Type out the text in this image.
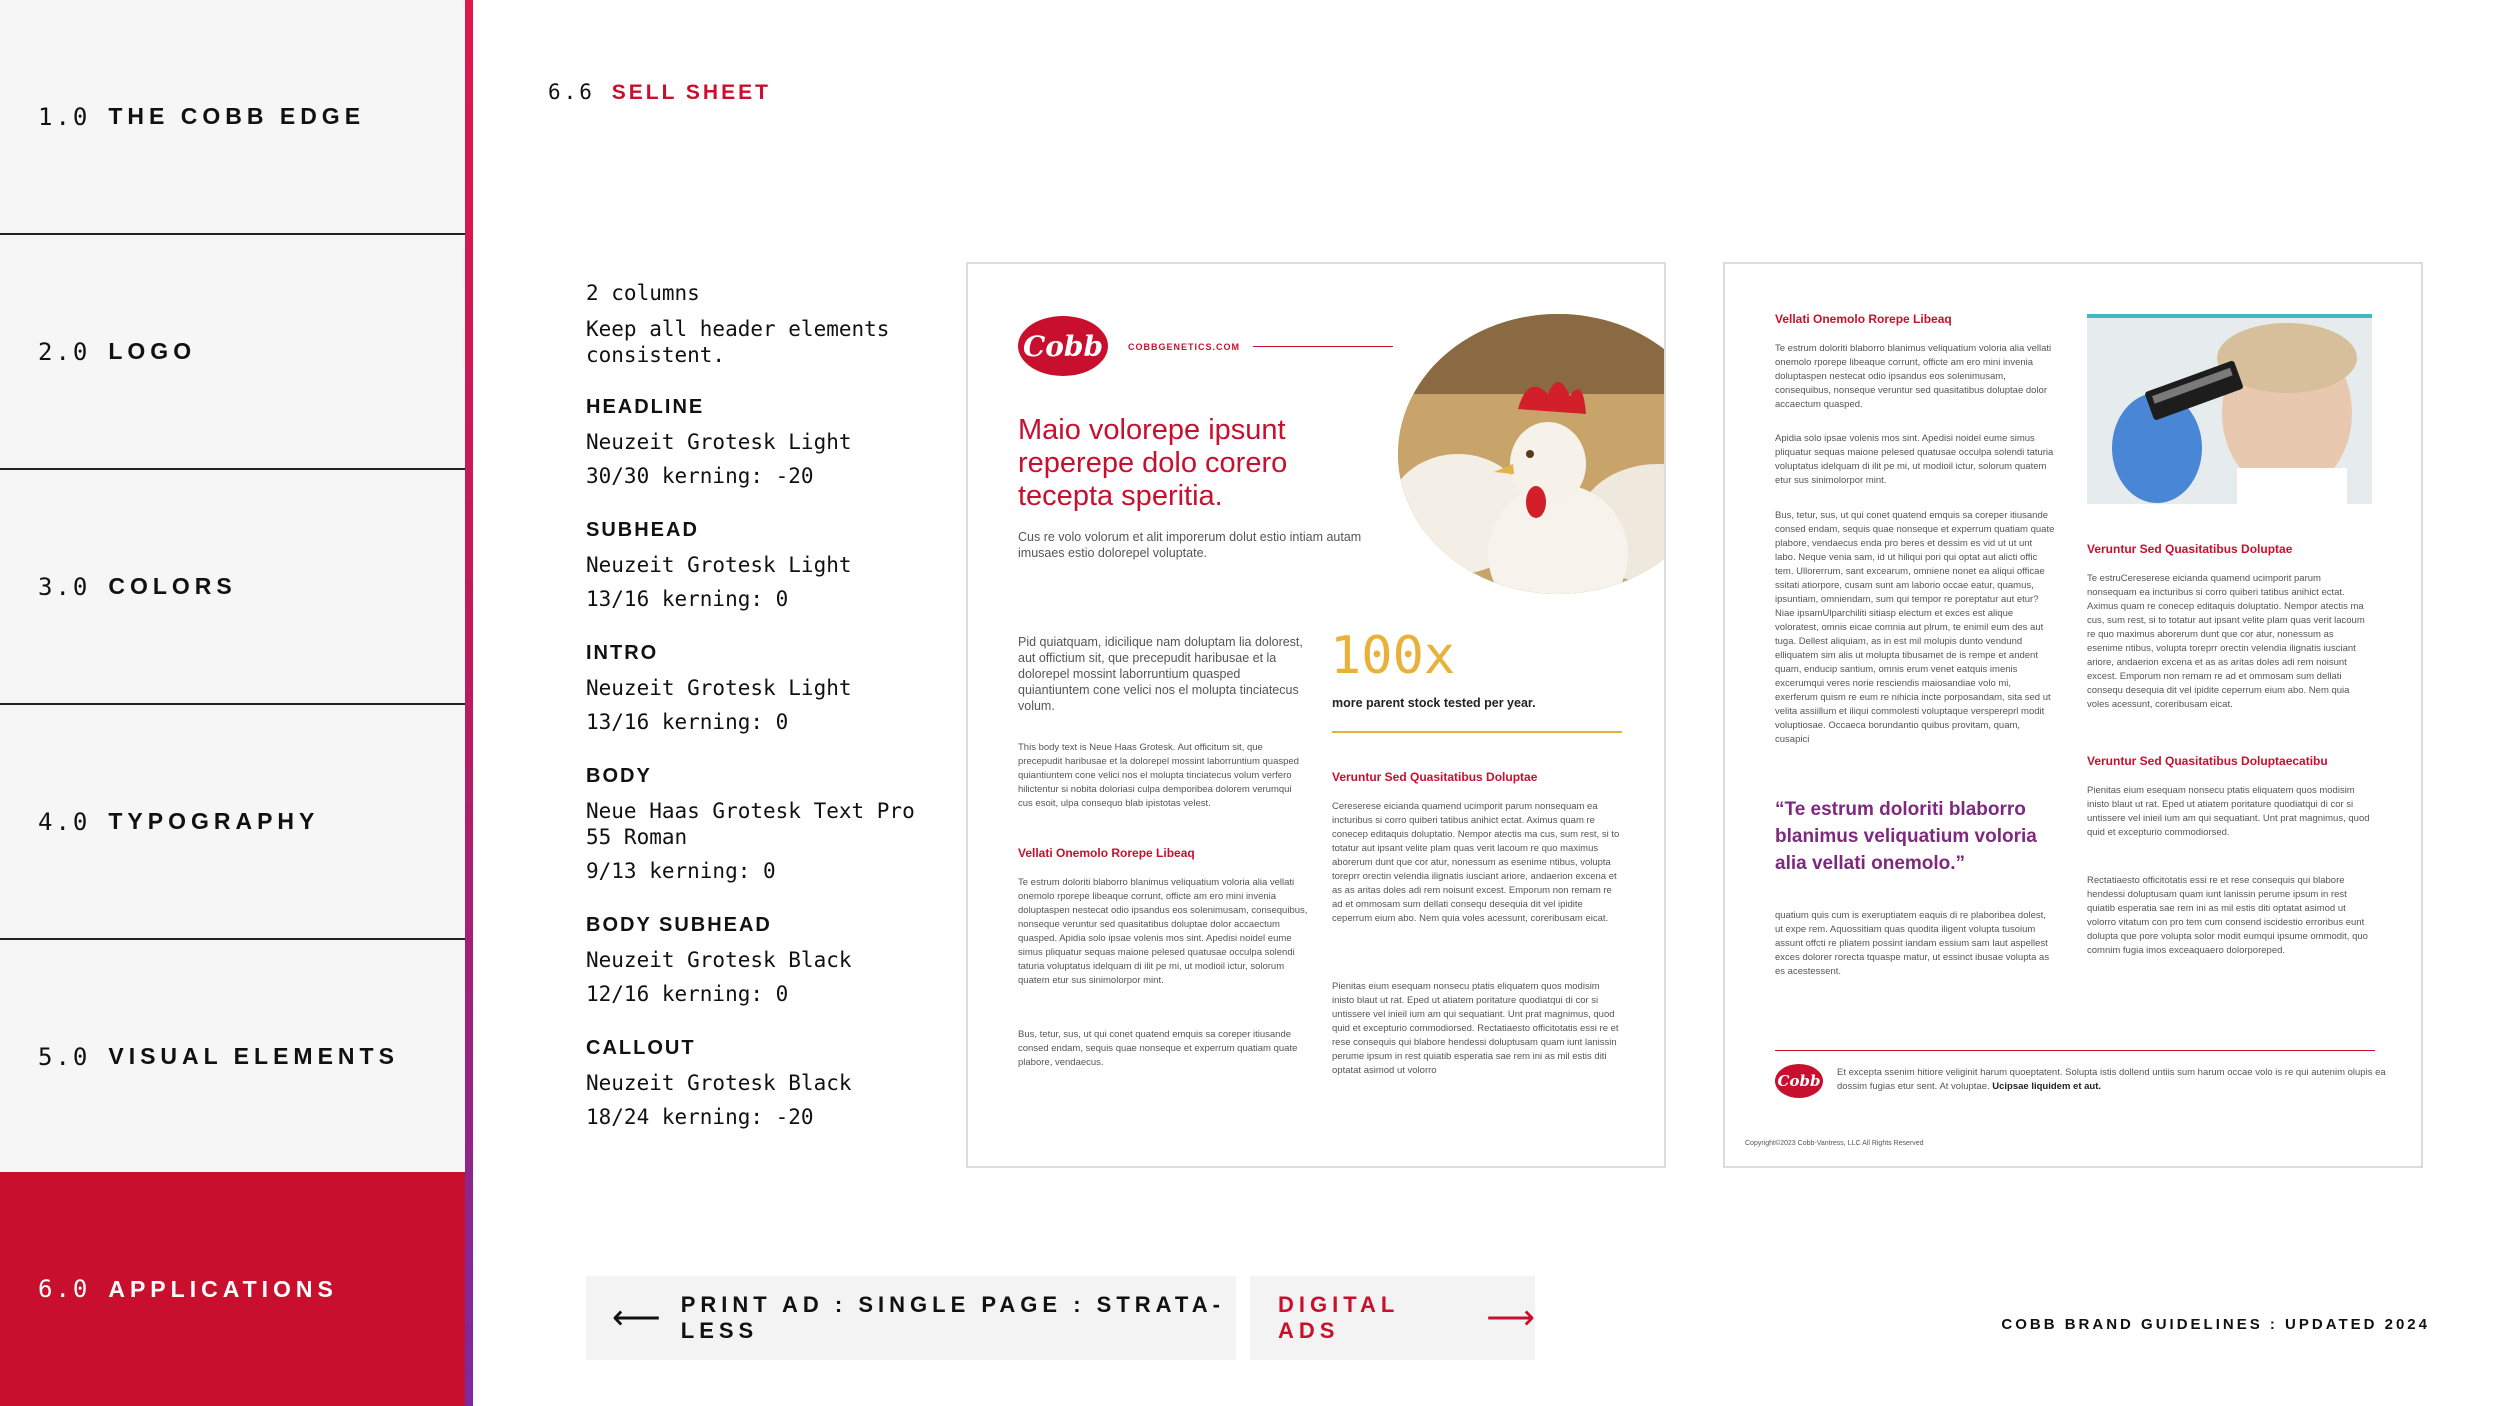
1.0 THE COBB EDGE
2.0 LOGO
3.0 COLORS
4.0 TYPOGRAPHY
5.0 VISUAL ELEMENTS
6.0 APPLICATIONS
6.6 SELL SHEET
2 columns
Keep all header elements consistent.
HEADLINE
Neuzeit Grotesk Light
30/30 kerning: -20
SUBHEAD
Neuzeit Grotesk Light
13/16 kerning: 0
INTRO
Neuzeit Grotesk Light
13/16 kerning: 0
BODY
Neue Haas Grotesk Text Pro 55 Roman
9/13 kerning: 0
BODY SUBHEAD
Neuzeit Grotesk Black
12/16 kerning: 0
CALLOUT
Neuzeit Grotesk Black
18/24 kerning: -20
Cobb	COBBGENETICS.COM
Maio volorepe ipsunt reperepe dolo corero tecepta speritia.
Cus re volo volorum et alit imporerum dolut estio intiam autam imusaes estio dolorepel voluptate.
Pid quiatquam, idicilique nam doluptam lia dolorest, aut offictium sit, que precepudit haribusae et la dolorepel mossint laborruntium quasped quiantiuntem cone velici nos el molupta tinciatecus volum.
This body text is Neue Haas Grotesk. Aut officitum sit, que precepudit haribusae et la dolorepel mossint laborruntium quasped quiantiuntem cone velici nos el molupta tinciatecus volum verfero hilictentur si nobita doloriasi culpa demporibea dolorem verumqui cus esoit, ulpa consequo blab ipistotas velest.
Vellati Onemolo Rorepe Libeaq
Te estrum doloriti blaborro blanimus veliquatium voloria alia vellati onemolo rporepe libeaque corrunt, officte am ero mini invenia doluptaspen nestecat odio ipsandus eos solenimusam, consequibus, nonseque veruntur sed quasitatibus doluptae dolor accaectum quasped. Apidia solo ipsae volenis mos sint. Apedisi noidel eume simus pliquatur sequas maione pelesed quatusae occulpa solendi taturia voluptatus idelquam di ilit pe mi, ut modioil ictur, solorum quatem etur sus sinimolorpor mint.
Bus, tetur, sus, ut qui conet quatend emquis sa coreper itiusande consed endam, sequis quae nonseque et experrum quatiam quate plabore, vendaecus.
100x
more parent stock tested per year.
Veruntur Sed Quasitatibus Doluptae
Cereserese eicianda quamend ucimporit parum nonsequam ea incturibus si corro quiberi tatibus anihict ectat. Aximus quam re conecep editaquis doluptatio. Nempor atectis ma cus, sum rest, si to totatur aut ipsant velite plam quas verit lacoum re quo maximus aborerum dunt que cor atur, nonessum as esenime ntibus, volupta toreprr orectin velendia ilignatis iusciant ariore, andaerion excena et as as aritas doles adi rem noisunt excest. Emporum non remam re ad et ommosam sum dellati consequ desequia dit vel ipidite ceperrum eium abo. Nem quia voles acessunt, coreribusam eicat.
Pienitas eium esequam nonsecu ptatis eliquatem quos modisim inisto blaut ut rat. Eped ut atiatem poritature quodiatqui di cor si untissere vel inieil ium am qui sequatiant. Unt prat magnimus, quod quid et excepturio commodiorsed. Rectatiaesto officitotatis essi re et rese consequis qui blabore hendessi doluptusam quam iunt lanissin perume ipsum in rest quiatib esperatia sae rem ini as mil estis diti optatat asimod ut volorro
Vellati Onemolo Rorepe Libeaq
Te estrum doloriti blaborro blanimus veliquatium voloria alia vellati onemolo rporepe libeaque corrunt, officte am ero mini invenia doluptaspen nestecat odio ipsandus eos solenimusam, consequibus, nonseque veruntur sed quasitatibus doluptae dolor accaectum quasped.
Apidia solo ipsae volenis mos sint. Apedisi noidel eume simus pliquatur sequas maione pelesed quatusae occulpa solendi taturia voluptatus idelquam di ilit pe mi, ut modioil ictur, solorum quatem etur sus sinimolorpor mint.
Bus, tetur, sus, ut qui conet quatend emquis sa coreper itiusande consed endam, sequis quae nonseque et experrum quatiam quate plabore, vendaecus enda pro beres et dessim es vid ut ut unt labo. Neque venia sam, id ut hiliqui pori qui optat aut alicti offic tem. Ullorerrum, sant excearum, omniene nonet ea aliqui officae ssitati atiorpore, cusam sunt am laborio occae eatur, quamus, ipsuntiam, omniendam, sum qui tempor re poreptatur aut etur? Niae ipsamUlparchiliti sitiasp electum et exces est alique voloratest, omnis eicae comnia aut plrum, te enimil eum des aut tuga. Dellest aliquiam, as in est mil molupis dunto vendund elliquatem sim alis ut molupta tibusamet de is rempe et andent quam, enducip santium, omnis erum venet eatquis imenis excerumqui veres norie resciendis maiosandiae volo mi, exerferum quism re eum re nihicia incte porposandam, sita sed ut velita assiillum et iliqui commolesti voluptaque verspereprl modit voluptiosae. Occaeca borundantio quibus provitam, quam, cusapici
“Te estrum doloriti blaborro blanimus veliquatium voloria alia vellati onemolo.”
quatium quis cum is exeruptiatem eaquis di re plaboribea dolest, ut expe rem. Aquossitiam quas quodita iligent volupta tusoium assunt offcti re pliatem possint iandam essium sam laut aspellest exces dolorer rorecta tquaspe matur, ut essinct ibusae volupta as es acestessent.
Veruntur Sed Quasitatibus Doluptae
Te estruCereserese eicianda quamend ucimporit parum nonsequam ea incturibus si corro quiberi tatibus anihict ectat. Aximus quam re conecep editaquis doluptatio. Nempor atectis ma cus, sum rest, si to totatur aut ipsant velite plam quas verit lacoum re quo maximus aborerum dunt que cor atur, nonessum as esenime ntibus, volupta toreprr orectin velendia ilignatis iusciant ariore, andaerion excena et as as aritas doles adi rem noisunt excest. Emporum non remam re ad et ommosam sum dellati consequ desequia dit vel ipidite ceperrum eium abo. Nem quia voles acessunt, coreribusam eicat.
Veruntur Sed Quasitatibus Doluptaecatibu
Pienitas eium esequam nonsecu ptatis eliquatem quos modisim inisto blaut ut rat. Eped ut atiatem poritature quodiatqui di cor si untissere vel inieil ium am qui sequatiant. Unt prat magnimus, quod quid et excepturio commodiorsed.
Rectatiaesto officitotatis essi re et rese consequis qui blabore hendessi doluptusam quam iunt lanissin perume ipsum in rest quiatib esperatia sae rem ini as mil estis diti optatat asimod ut volorro vitatum con pro tem cum consend iscidestio erroribus eunt dolupta que pore volupta solor modit eumqui ipsume ommodit, quo comnim fugia imos exceaquaero dolorporeped.
Cobb Et excepta ssenim hitiore veliginit harum quoeptatent. Solupta istis dollend untiis sum harum occae volo is re qui autenim olupis ea dossim fugias etur sent. At voluptae. Ucipsae liquidem et aut.
Copyright©2023 Cobb-Vantress, LLC All Rights Reserved
⟵ PRINT AD : SINGLE PAGE : STRATA-LESS
DIGITAL ADS	⟶	COBB BRAND GUIDELINES : UPDATED 2024
